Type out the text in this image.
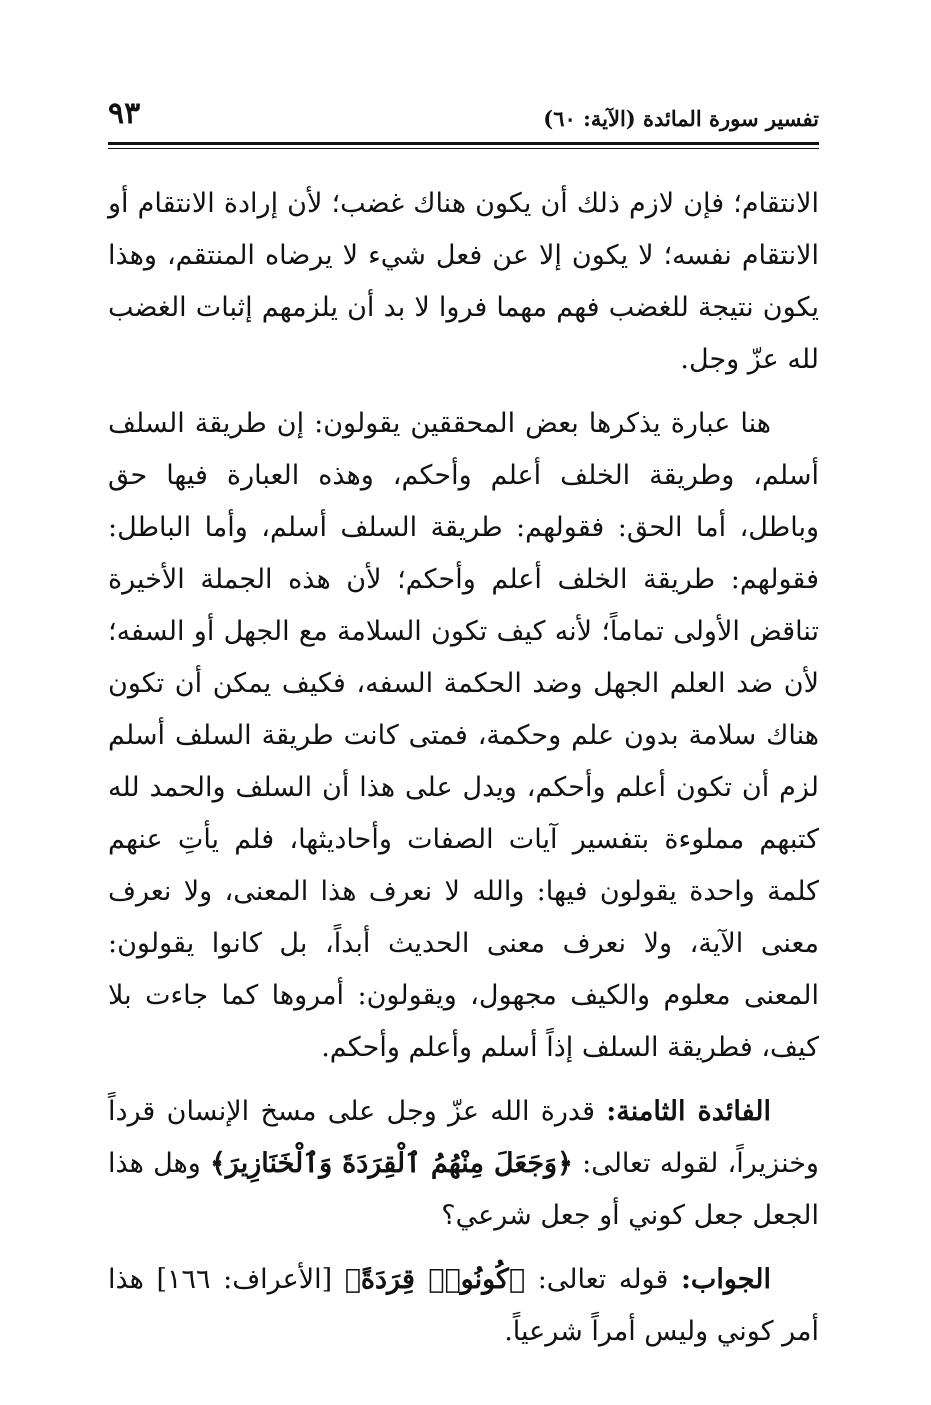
تفسير سورة المائدة (الآية: ٦٠)
٩٣

الانتقام؛ فإن لازم ذلك أن يكون هناك غضب؛ لأن إرادة الانتقام أو الانتقام نفسه؛ لا يكون إلا عن فعل شيء لا يرضاه المنتقم، وهذا يكون نتيجة للغضب فهم مهما فروا لا بد أن يلزمهم إثبات الغضب لله عزّ وجل.

هنا عبارة يذكرها بعض المحققين يقولون: إن طريقة السلف أسلم، وطريقة الخلف أعلم وأحكم، وهذه العبارة فيها حق وباطل، أما الحق: فقولهم: طريقة السلف أسلم، وأما الباطل: فقولهم: طريقة الخلف أعلم وأحكم؛ لأن هذه الجملة الأخيرة تناقض الأولى تماماً؛ لأنه كيف تكون السلامة مع الجهل أو السفه؛ لأن ضد العلم الجهل وضد الحكمة السفه، فكيف يمكن أن تكون هناك سلامة بدون علم وحكمة، فمتى كانت طريقة السلف أسلم لزم أن تكون أعلم وأحكم، ويدل على هذا أن السلف والحمد لله كتبهم مملوءة بتفسير آيات الصفات وأحاديثها، فلم يأتِ عنهم كلمة واحدة يقولون فيها: والله لا نعرف هذا المعنى، ولا نعرف معنى الآية، ولا نعرف معنى الحديث أبداً، بل كانوا يقولون: المعنى معلوم والكيف مجهول، ويقولون: أمروها كما جاءت بلا كيف، فطريقة السلف إذاً أسلم وأعلم وأحكم.

الفائدة الثامنة: قدرة الله عزّ وجل على مسخ الإنسان قرداً وخنزيراً، لقوله تعالى: ﴿وَجَعَلَ مِنْهُمُ ٱلْقِرَدَةَ وَٱلْخَنَازِيرَ﴾ وهل هذا الجعل جعل كوني أو جعل شرعي؟

الجواب: قوله تعالى: ﴿كُونُوا۟ قِرَدَةً﴾ [الأعراف: ١٦٦] هذا أمر كوني وليس أمراً شرعياً.
